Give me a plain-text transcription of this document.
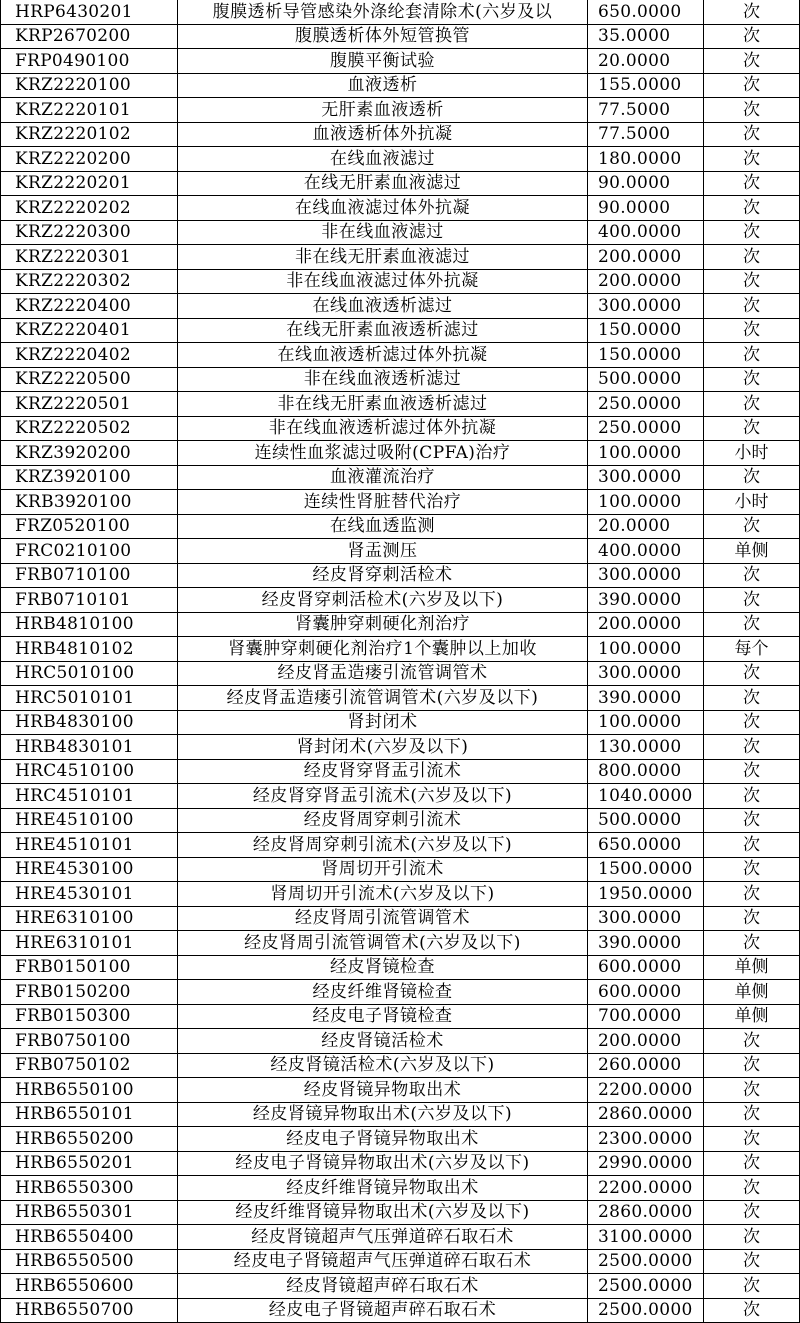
HRP6430201	腹膜透析导管感染外涤纶套清除术(六岁及以	650.0000	次
KRP2670200	腹膜透析体外短管换管	35.0000	次
FRP0490100	腹膜平衡试验	20.0000	次
KRZ2220100	血液透析	155.0000	次
KRZ2220101	无肝素血液透析	77.5000	次
KRZ2220102	血液透析体外抗凝	77.5000	次
KRZ2220200	在线血液滤过	180.0000	次
KRZ2220201	在线无肝素血液滤过	90.0000	次
KRZ2220202	在线血液滤过体外抗凝	90.0000	次
KRZ2220300	非在线血液滤过	400.0000	次
KRZ2220301	非在线无肝素血液滤过	200.0000	次
KRZ2220302	非在线血液滤过体外抗凝	200.0000	次
KRZ2220400	在线血液透析滤过	300.0000	次
KRZ2220401	在线无肝素血液透析滤过	150.0000	次
KRZ2220402	在线血液透析滤过体外抗凝	150.0000	次
KRZ2220500	非在线血液透析滤过	500.0000	次
KRZ2220501	非在线无肝素血液透析滤过	250.0000	次
KRZ2220502	非在线血液透析滤过体外抗凝	250.0000	次
KRZ3920200	连续性血浆滤过吸附(CPFA)治疗	100.0000	小时
KRZ3920100	血液灌流治疗	300.0000	次
KRB3920100	连续性肾脏替代治疗	100.0000	小时
FRZ0520100	在线血透监测	20.0000	次
FRC0210100	肾盂测压	400.0000	单侧
FRB0710100	经皮肾穿刺活检术	300.0000	次
FRB0710101	经皮肾穿刺活检术(六岁及以下)	390.0000	次
HRB4810100	肾囊肿穿刺硬化剂治疗	200.0000	次
HRB4810102	肾囊肿穿刺硬化剂治疗1个囊肿以上加收	100.0000	每个
HRC5010100	经皮肾盂造瘘引流管调管术	300.0000	次
HRC5010101	经皮肾盂造瘘引流管调管术(六岁及以下)	390.0000	次
HRB4830100	肾封闭术	100.0000	次
HRB4830101	肾封闭术(六岁及以下)	130.0000	次
HRC4510100	经皮肾穿肾盂引流术	800.0000	次
HRC4510101	经皮肾穿肾盂引流术(六岁及以下)	1040.0000	次
HRE4510100	经皮肾周穿刺引流术	500.0000	次
HRE4510101	经皮肾周穿刺引流术(六岁及以下)	650.0000	次
HRE4530100	肾周切开引流术	1500.0000	次
HRE4530101	肾周切开引流术(六岁及以下)	1950.0000	次
HRE6310100	经皮肾周引流管调管术	300.0000	次
HRE6310101	经皮肾周引流管调管术(六岁及以下)	390.0000	次
FRB0150100	经皮肾镜检查	600.0000	单侧
FRB0150200	经皮纤维肾镜检查	600.0000	单侧
FRB0150300	经皮电子肾镜检查	700.0000	单侧
FRB0750100	经皮肾镜活检术	200.0000	次
FRB0750102	经皮肾镜活检术(六岁及以下)	260.0000	次
HRB6550100	经皮肾镜异物取出术	2200.0000	次
HRB6550101	经皮肾镜异物取出术(六岁及以下)	2860.0000	次
HRB6550200	经皮电子肾镜异物取出术	2300.0000	次
HRB6550201	经皮电子肾镜异物取出术(六岁及以下)	2990.0000	次
HRB6550300	经皮纤维肾镜异物取出术	2200.0000	次
HRB6550301	经皮纤维肾镜异物取出术(六岁及以下)	2860.0000	次
HRB6550400	经皮肾镜超声气压弹道碎石取石术	3100.0000	次
HRB6550500	经皮电子肾镜超声气压弹道碎石取石术	2500.0000	次
HRB6550600	经皮肾镜超声碎石取石术	2500.0000	次
HRB6550700	经皮电子肾镜超声碎石取石术	2500.0000	次
